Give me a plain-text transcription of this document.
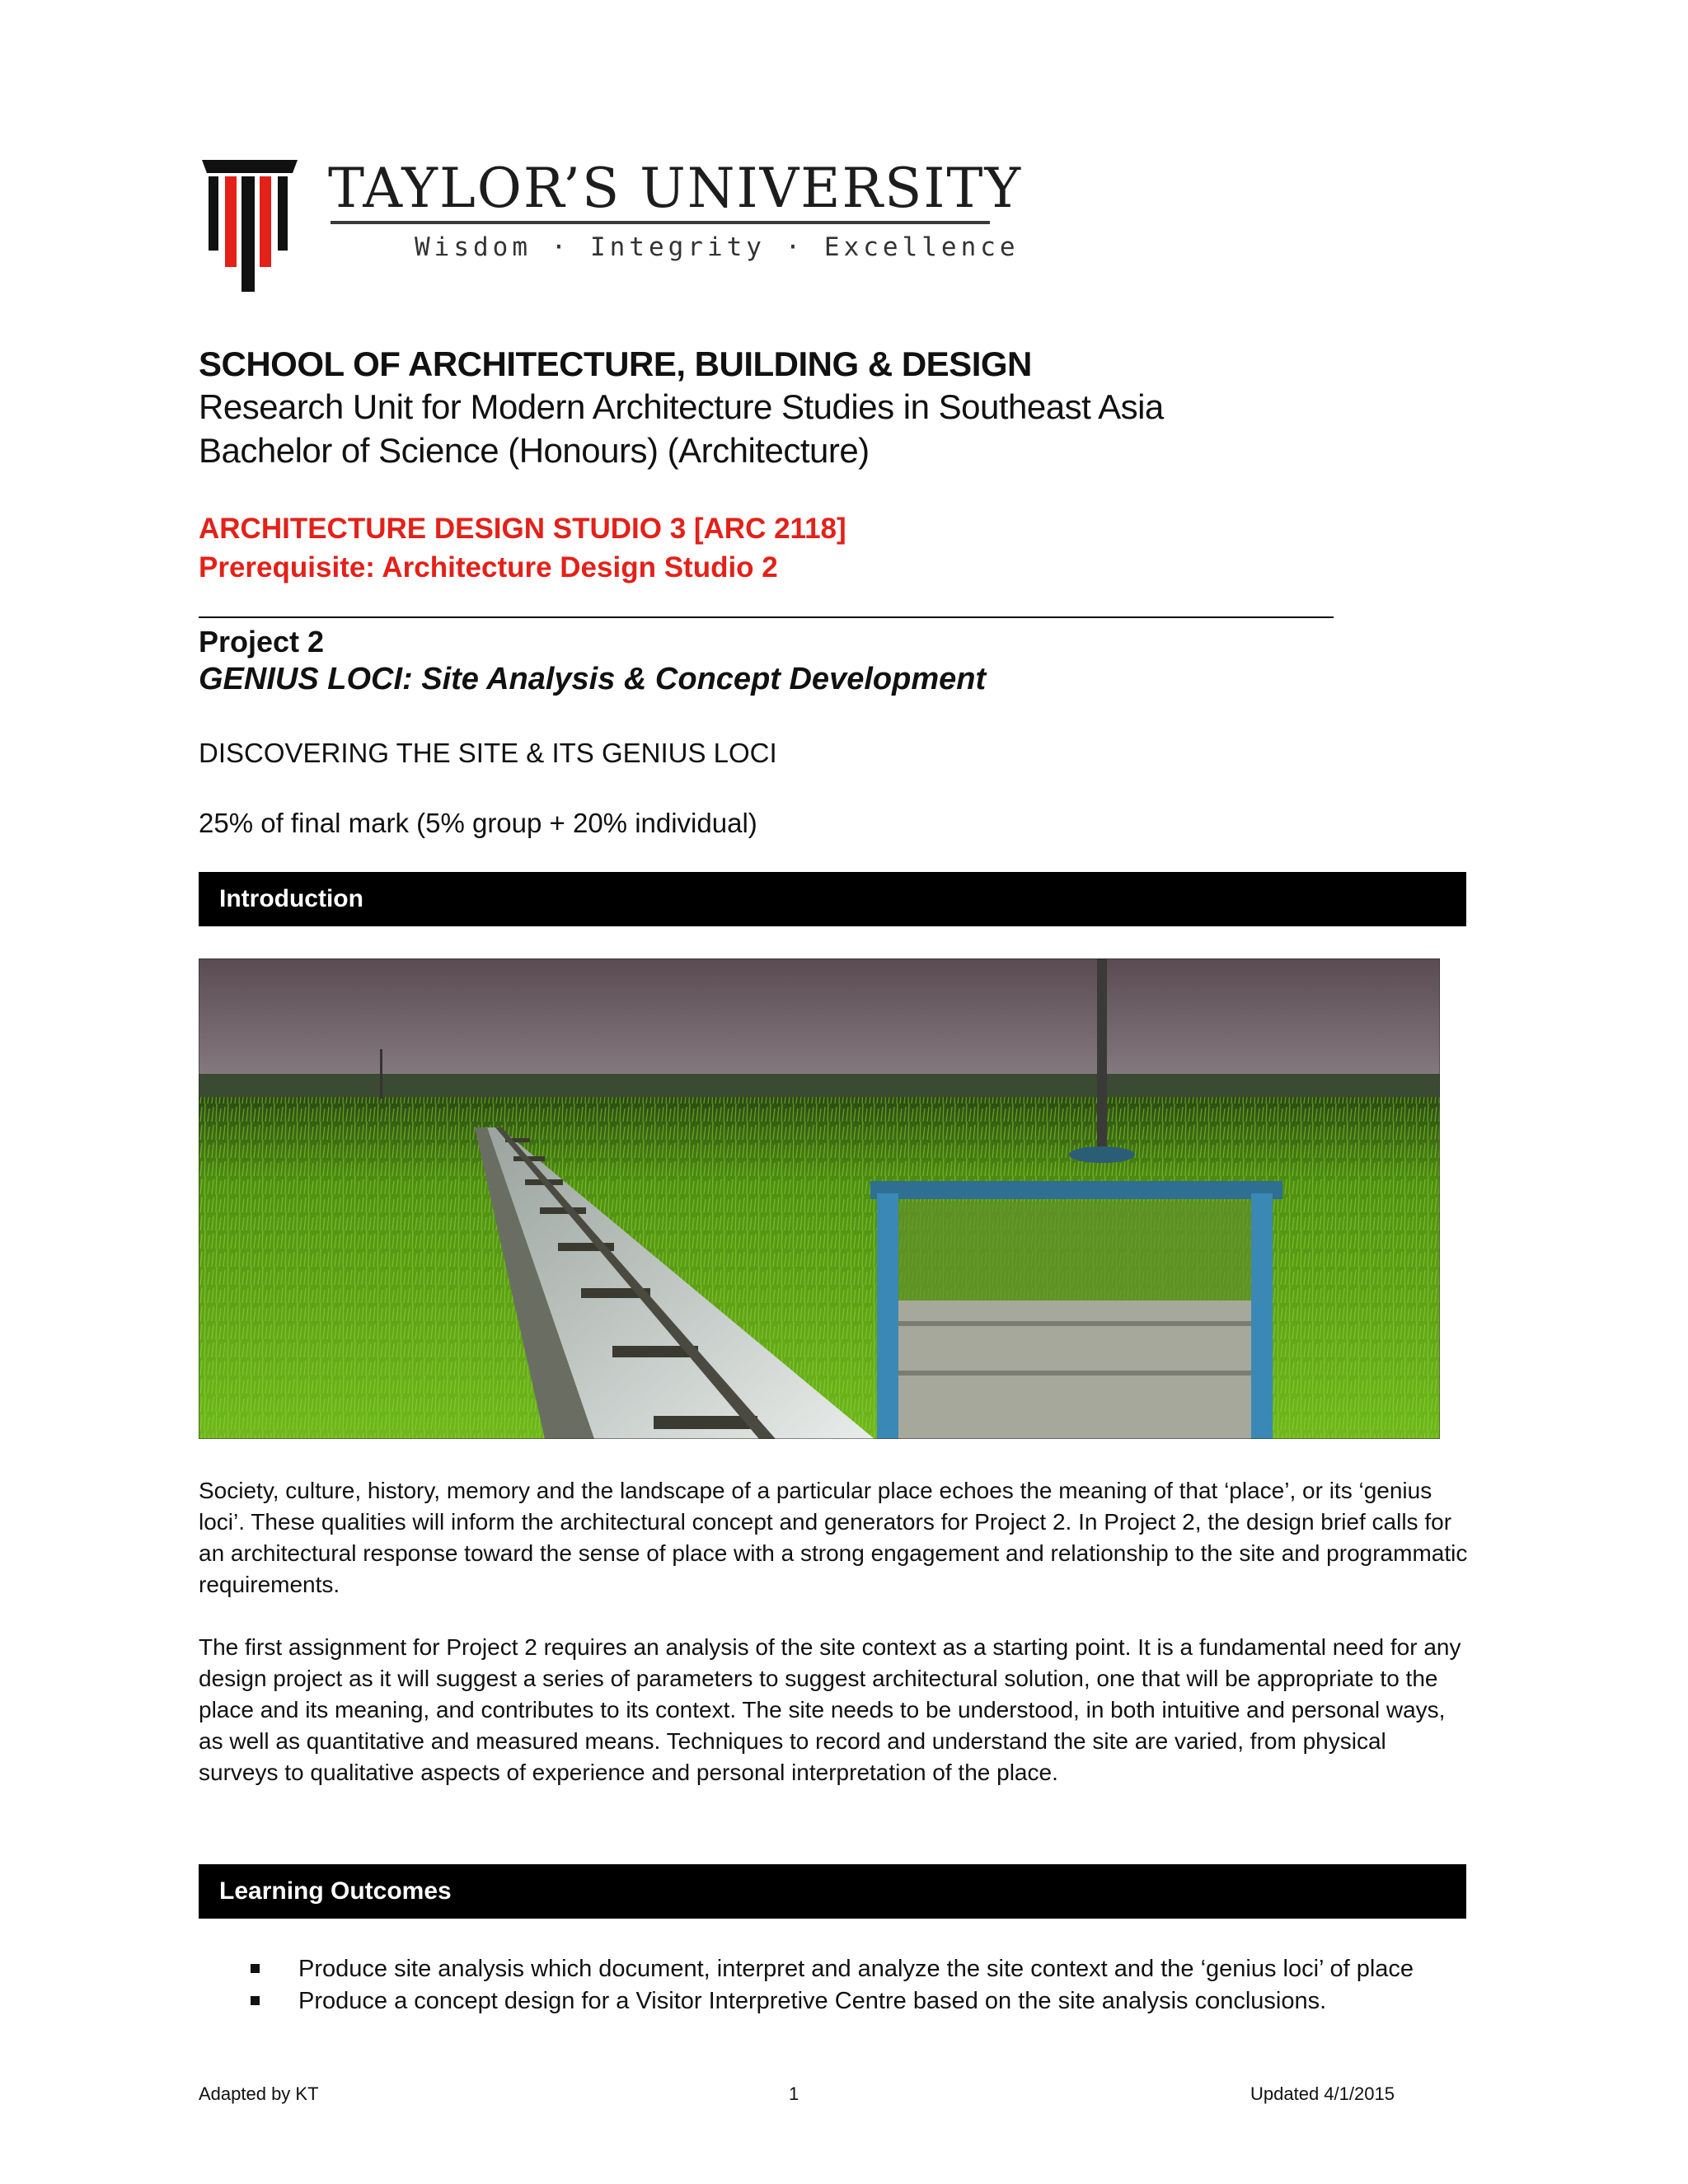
TAYLOR’S UNIVERSITY
Wisdom · Integrity · Excellence
SCHOOL OF ARCHITECTURE, BUILDING & DESIGN
Research Unit for Modern Architecture Studies in Southeast Asia
Bachelor of Science (Honours) (Architecture)
ARCHITECTURE DESIGN STUDIO 3 [ARC 2118]
Prerequisite: Architecture Design Studio 2
Project 2
GENIUS LOCI: Site Analysis & Concept Development
DISCOVERING THE SITE & ITS GENIUS LOCI
25% of final mark (5% group + 20% individual)
Introduction
Society, culture, history, memory and the landscape of a particular place echoes the meaning of that ‘place’, or its ‘genius loci’. These qualities will inform the architectural concept and generators for Project 2. In Project 2, the design brief calls for an architectural response toward the sense of place with a strong engagement and relationship to the site and programmatic requirements.
The first assignment for Project 2 requires an analysis of the site context as a starting point. It is a fundamental need for any design project as it will suggest a series of parameters to suggest architectural solution, one that will be appropriate to the place and its meaning, and contributes to its context. The site needs to be understood, in both intuitive and personal ways, as well as quantitative and measured means. Techniques to record and understand the site are varied, from physical surveys to qualitative aspects of experience and personal interpretation of the place.
Learning Outcomes
Produce site analysis which document, interpret and analyze the site context and the ‘genius loci’ of place
Produce a concept design for a Visitor Interpretive Centre based on the site analysis conclusions.
Adapted by KT	1	Updated 4/1/2015
